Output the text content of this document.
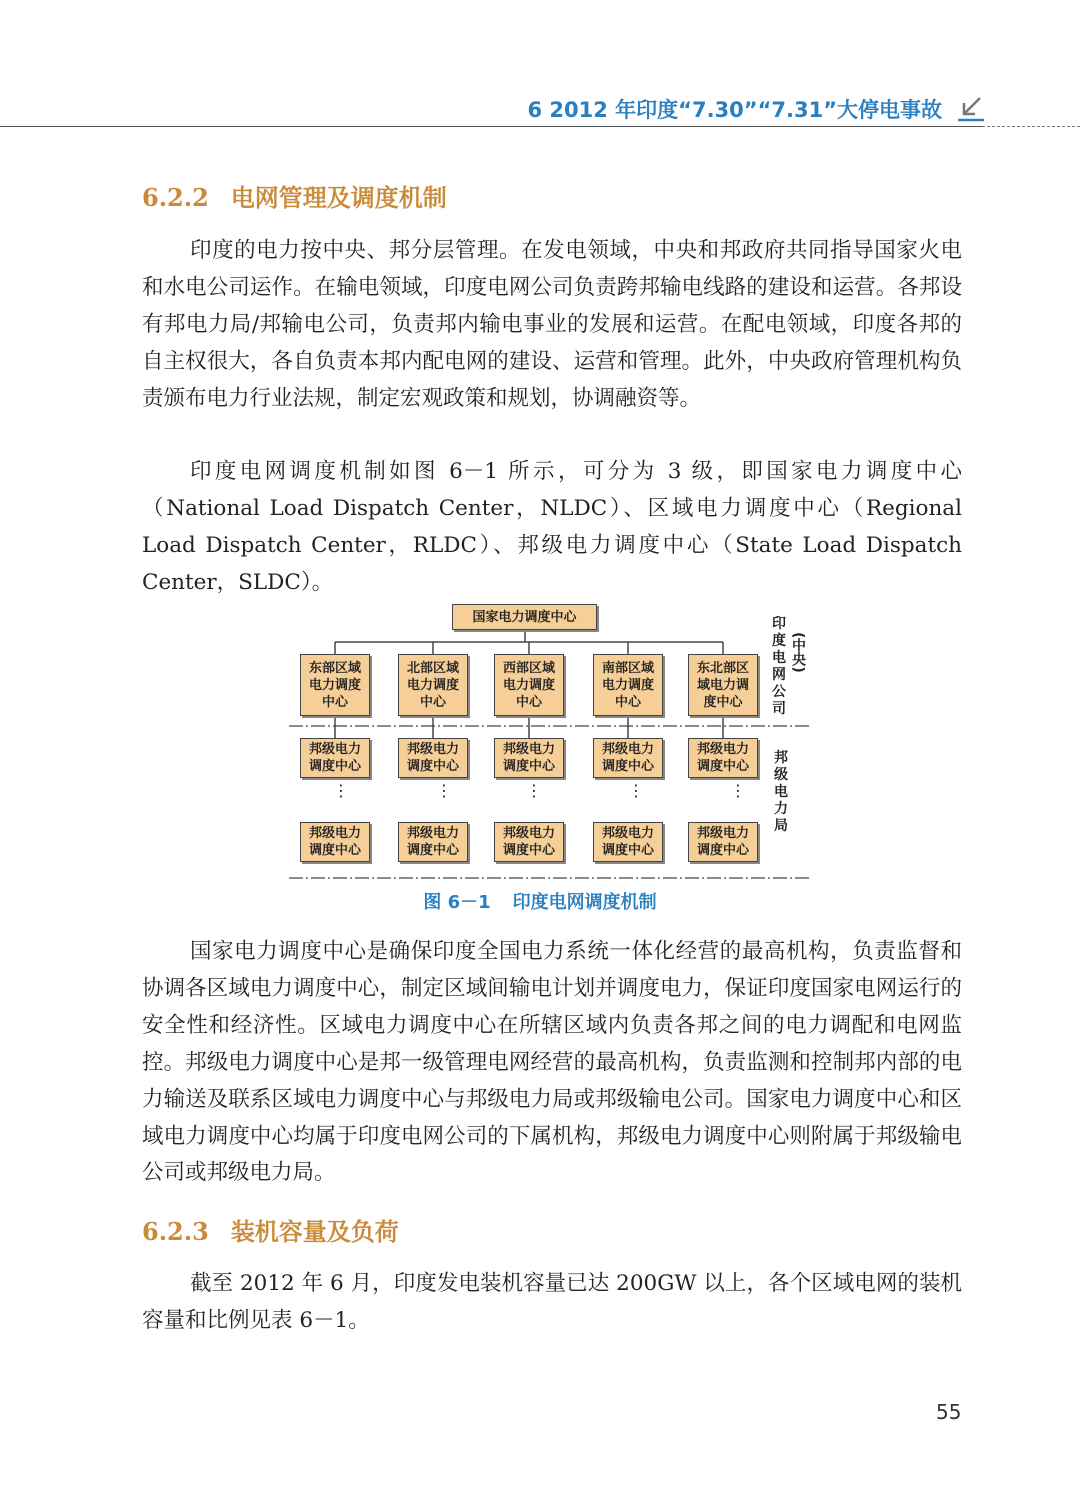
6 2012 年印度“7.30”“7.31”大停电事故
6.2.2 电网管理及调度机制

印度的电力按中央、邦分层管理。在发电领域，中央和邦政府共同指导国家火电和水电公司运作。在输电领域，印度电网公司负责跨邦输电线路的建设和运营。各邦设有邦电力局/邦输电公司，负责邦内输电事业的发展和运营。在配电领域，印度各邦的自主权很大，各自负责本邦内配电网的建设、运营和管理。此外，中央政府管理机构负责颁布电力行业法规，制定宏观政策和规划，协调融资等。

印度电网调度机制如图 6－1 所示，可分为 3 级，即国家电力调度中心（National Load Dispatch Center，NLDC）、区域电力调度中心（Regional Load Dispatch Center，RLDC）、邦级电力调度中心（State Load Dispatch Center，SLDC）。

国家电力调度中心
东部区域电力调度中心
北部区域电力调度中心
西部区域电力调度中心
南部区域电力调度中心
东北部区域电力调度中心
邦级电力调度中心
邦级电力调度中心
邦级电力调度中心
邦级电力调度中心
邦级电力调度中心
⋮	⋮	⋮	⋮	⋮
邦级电力调度中心
邦级电力调度中心
邦级电力调度中心
邦级电力调度中心
邦级电力调度中心
印度电网公司
(中央)
邦级电力局
图 6－1 印度电网调度机制

国家电力调度中心是确保印度全国电力系统一体化经营的最高机构，负责监督和协调各区域电力调度中心，制定区域间输电计划并调度电力，保证印度国家电网运行的安全性和经济性。区域电力调度中心在所辖区域内负责各邦之间的电力调配和电网监控。邦级电力调度中心是邦一级管理电网经营的最高机构，负责监测和控制邦内部的电力输送及联系区域电力调度中心与邦级电力局或邦级输电公司。国家电力调度中心和区域电力调度中心均属于印度电网公司的下属机构，邦级电力调度中心则附属于邦级输电公司或邦级电力局。

6.2.3 装机容量及负荷

截至 2012 年 6 月，印度发电装机容量已达 200GW 以上，各个区域电网的装机容量和比例见表 6－1。

55
